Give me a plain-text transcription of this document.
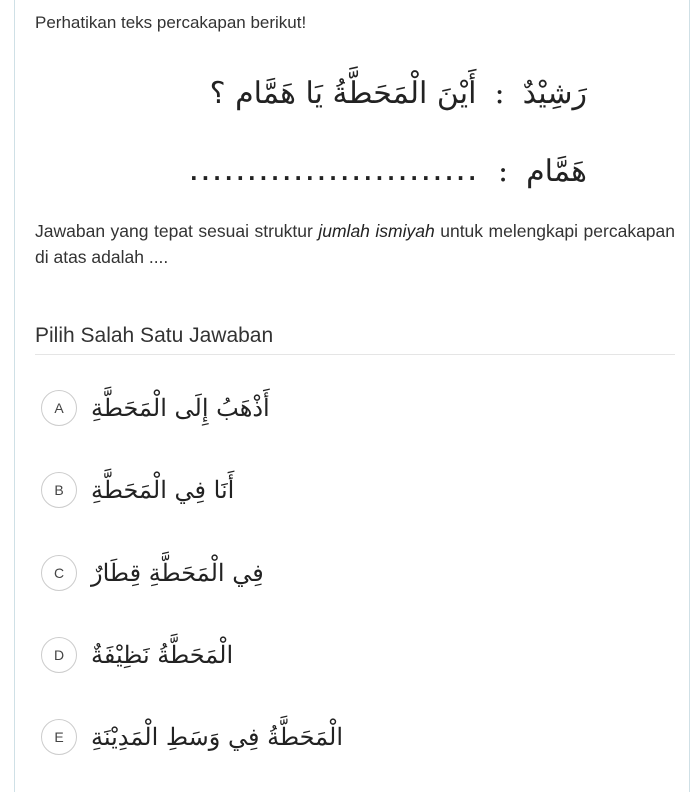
Perhatikan teks percakapan berikut!

رَشِيْدٌ:أَيْنَ الْمَحَطَّةُ يَا هَمَّام ؟
هَمَّام:.........................
Jawaban yang tepat sesuai struktur jumlah ismiyah untuk melengkapi percakapan di atas adalah ....
Pilih Salah Satu Jawaban
A	أَذْهَبُ إِلَى الْمَحَطَّةِ
B	أَنَا فِي الْمَحَطَّةِ
C	فِي الْمَحَطَّةِ قِطَارٌ
D	الْمَحَطَّةُ نَظِيْفَةٌ
E	الْمَحَطَّةُ فِي وَسَطِ الْمَدِيْنَةِ
